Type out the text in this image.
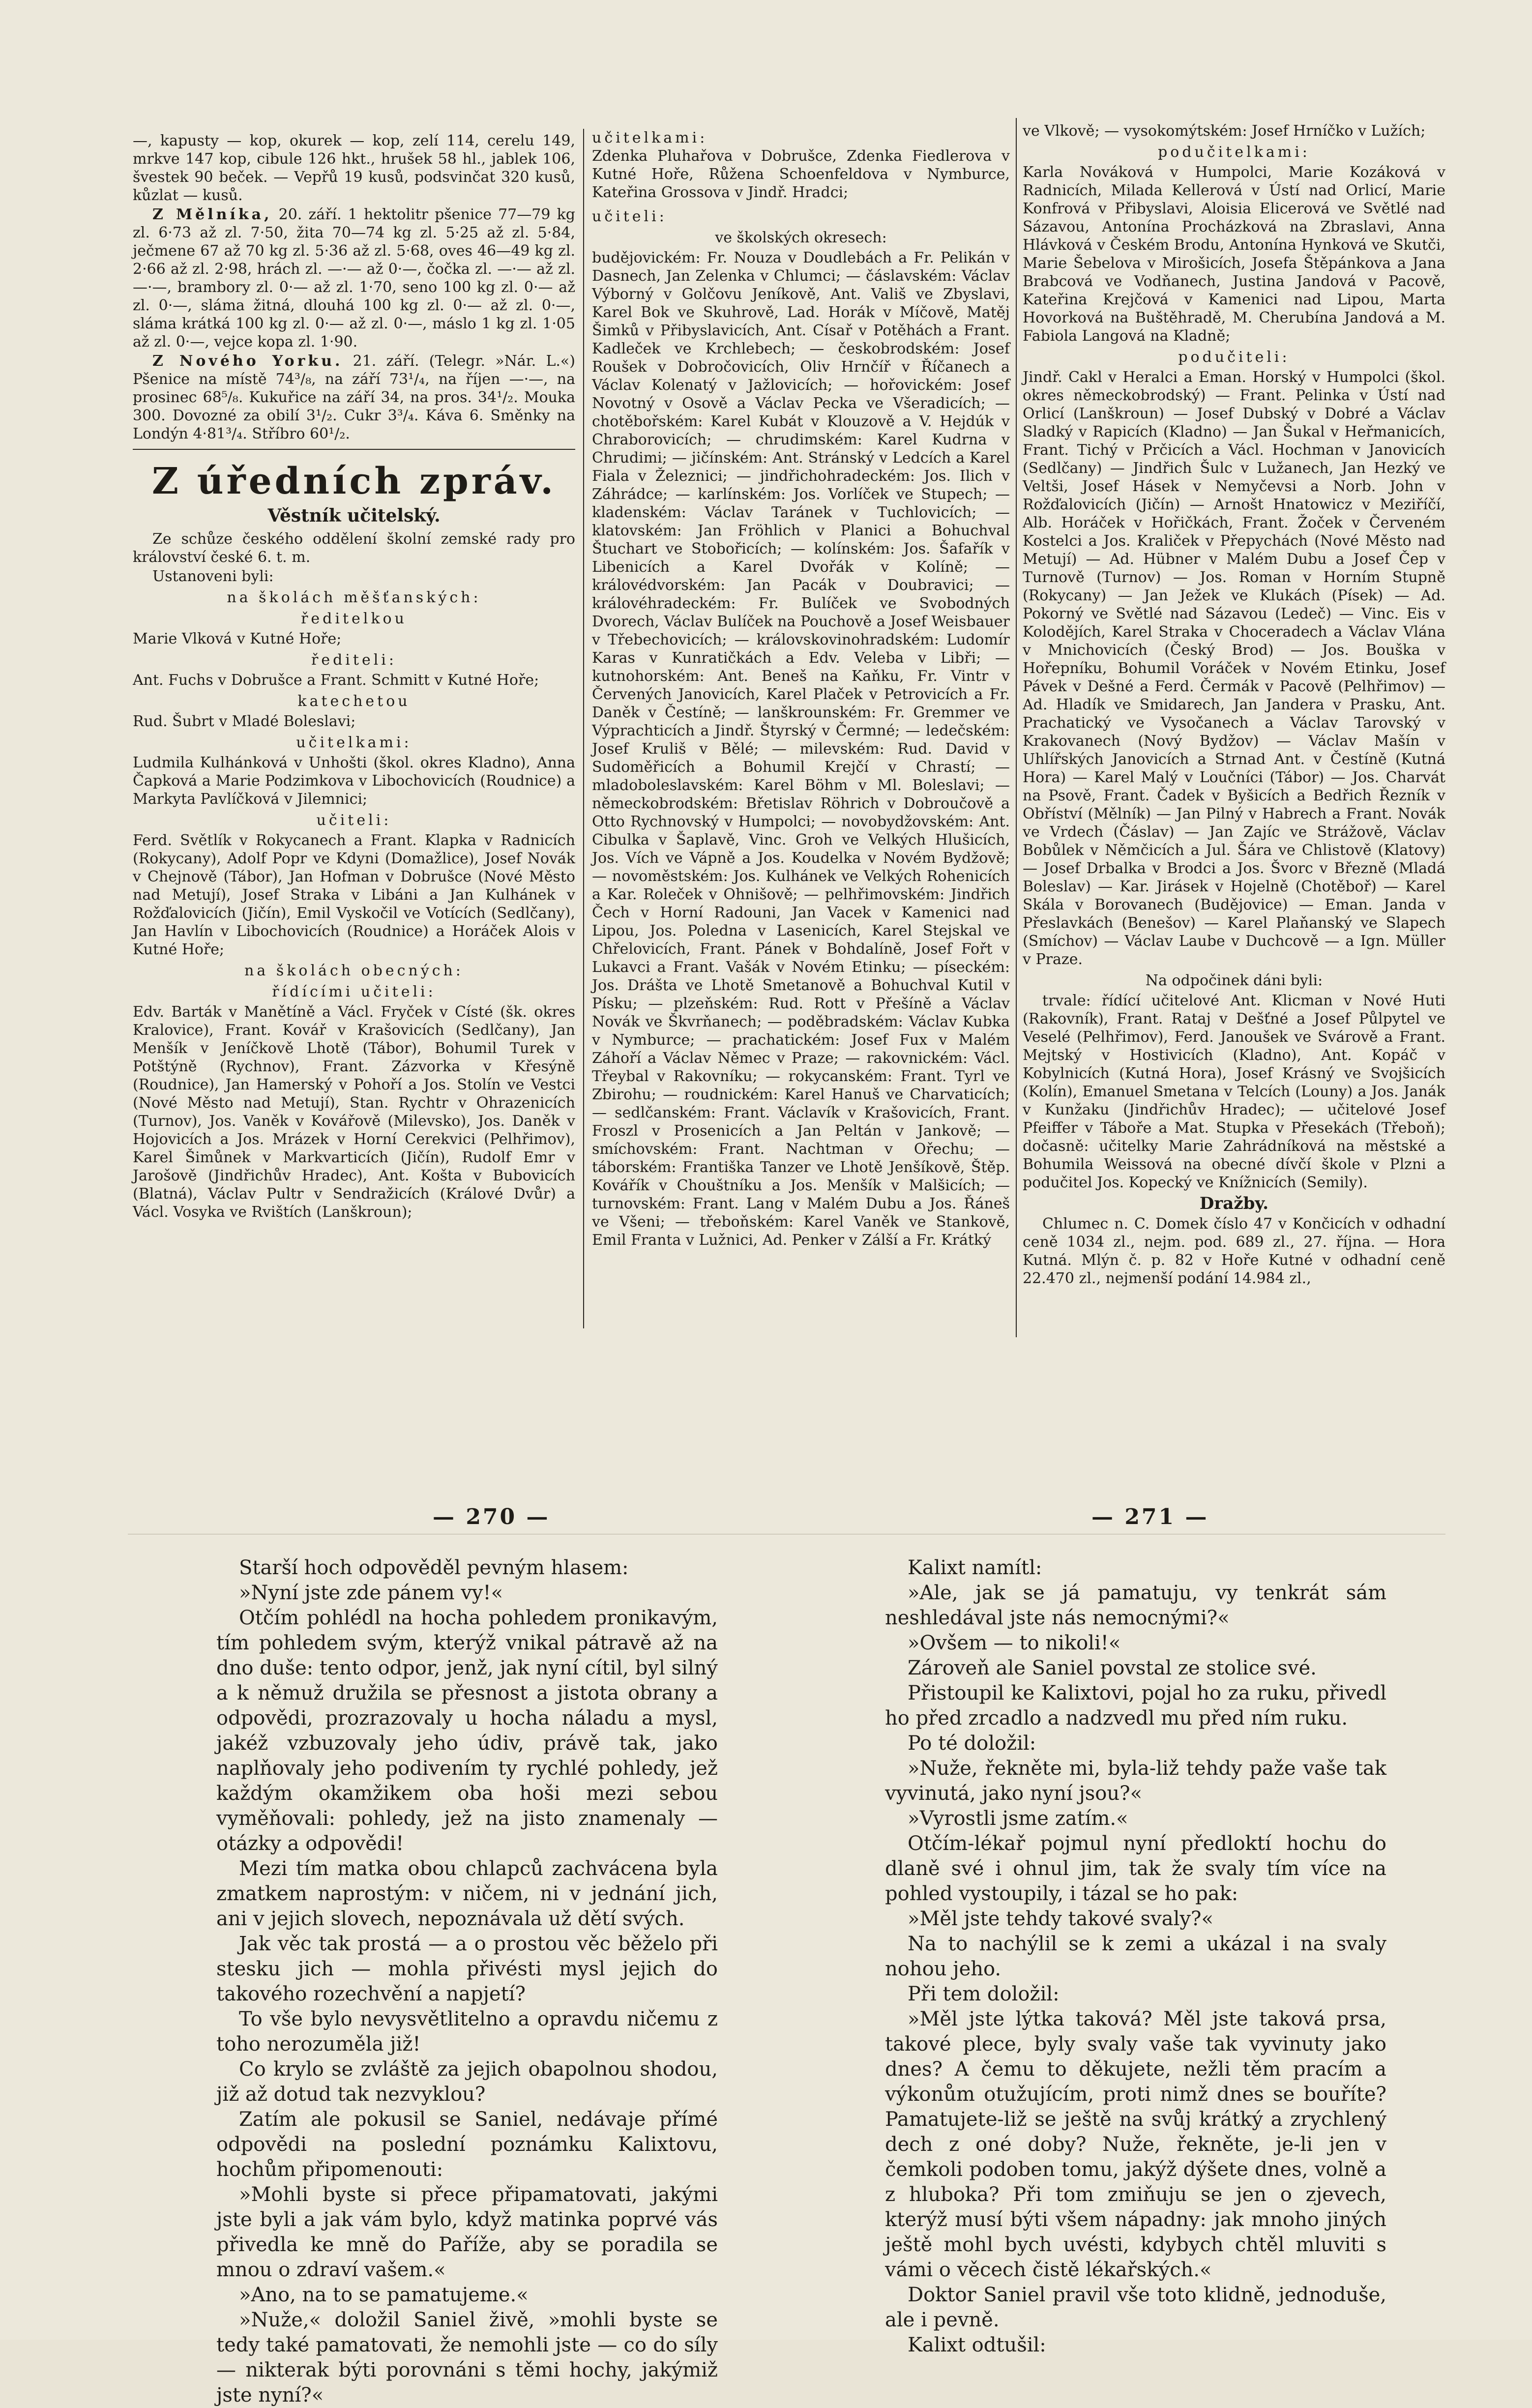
—, kapusty — kop, okurek — kop, zelí 114, cerelu 149, mrkve 147 kop, cibule 126 hkt., hrušek 58 hl., jablek 106, švestek 90 beček. — Vepřů 19 kusů, podsvinčat 320 kusů, kůzlat — kusů.

Z Mělníka, 20. září. 1 hektolitr pšenice 77—79 kg zl. 6·73 až zl. 7·50, žita 70—74 kg zl. 5·25 až zl. 5·84, ječmene 67 až 70 kg zl. 5·36 až zl. 5·68, oves 46—49 kg zl. 2·66 až zl. 2·98, hrách zl. —·— až 0·—, čočka zl. —·— až zl. —·—, brambory zl. 0·— až zl. 1·70, seno 100 kg zl. 0·— až zl. 0·—, sláma žitná, dlouhá 100 kg zl. 0·— až zl. 0·—, sláma krátká 100 kg zl. 0·— až zl. 0·—, máslo 1 kg zl. 1·05 až zl. 0·—, vejce kopa zl. 1·90.

Z Nového Yorku. 21. září. (Telegr. »Nár. L.«) Pšenice na místě 74³/₈, na září 73¹/₄, na říjen —·—, na prosinec 68⁵/₈. Kukuřice na září 34, na pros. 34¹/₂. Mouka 300. Dovozné za obilí 3¹/₂. Cukr 3³/₄. Káva 6. Směnky na Londýn 4·81³/₄. Stříbro 60¹/₂.

Z úředních zpráv.
Věstník učitelský.

Ze schůze českého oddělení školní zemské rady pro království české 6. t. m.

Ustanoveni byli:

na školách měšťanských:
ředitelkou

Marie Vlková v Kutné Hoře;

řediteli:

Ant. Fuchs v Dobrušce a Frant. Schmitt v Kutné Hoře;

katechetou

Rud. Šubrt v Mladé Boleslavi;

učitelkami:

Ludmila Kulhánková v Unhošti (škol. okres Kladno), Anna Čapková a Marie Podzimkova v Libochovicích (Roudnice) a Markyta Pavlíčková v Jilemnici;

učiteli:

Ferd. Světlík v Rokycanech a Frant. Klapka v Radnicích (Rokycany), Adolf Popr ve Kdyni (Domažlice), Josef Novák v Chejnově (Tábor), Jan Hofman v Dobrušce (Nové Město nad Metují), Josef Straka v Libáni a Jan Kulhánek v Rožďalovicích (Jičín), Emil Vyskočil ve Votících (Sedlčany), Jan Havlín v Libochovicích (Roudnice) a Horáček Alois v Kutné Hoře;

na školách obecných:
řídícími učiteli:

Edv. Barták v Manětíně a Václ. Fryček v Císté (šk. okres Kralovice), Frant. Kovář v Krašovicích (Sedlčany), Jan Menšík v Jeníčkově Lhotě (Tábor), Bohumil Turek v Potštýně (Rychnov), Frant. Zázvorka v Křesýně (Roudnice), Jan Hamerský v Pohoří a Jos. Stolín ve Vestci (Nové Město nad Metují), Stan. Rychtr v Ohrazenicích (Turnov), Jos. Vaněk v Kovářově (Milevsko), Jos. Daněk v Hojovicích a Jos. Mrázek v Horní Cerekvici (Pelhřimov), Karel Šimůnek v Markvarticích (Jičín), Rudolf Emr v Jarošově (Jindřichův Hradec), Ant. Košta v Bubovicích (Blatná), Václav Pultr v Sendražicích (Králové Dvůr) a Václ. Vosyka ve Rvištích (Lanškroun);

učitelkami:

Zdenka Pluhařova v Dobrušce, Zdenka Fiedlerova v Kutné Hoře, Růžena Schoenfeldova v Nymburce, Kateřina Grossova v Jindř. Hradci;

učiteli:
ve školských okresech:

budějovickém: Fr. Nouza v Doudlebách a Fr. Pelikán v Dasnech, Jan Zelenka v Chlumci; — čáslavském: Václav Výborný v Golčovu Jeníkově, Ant. Vališ ve Zbyslavi, Karel Bok ve Skuhrově, Lad. Horák v Míčově, Matěj Šimků v Přibyslavicích, Ant. Císař v Potěhách a Frant. Kadleček ve Krchlebech; — českobrodském: Josef Roušek v Dobročovicích, Oliv Hrnčíř v Říčanech a Václav Kolenatý v Jažlovicích; — hořovickém: Josef Novotný v Osově a Václav Pecka ve Všeradicích; — chotěbořském: Karel Kubát v Klouzově a V. Hejdúk v Chraborovicích; — chrudimském: Karel Kudrna v Chrudimi; — jičínském: Ant. Stránský v Ledcích a Karel Fiala v Železnici; — jindřichohradeckém: Jos. Ilich v Záhrádce; — karlínském: Jos. Vorlíček ve Stupech; — kladenském: Václav Taránek v Tuchlovicích; — klatovském: Jan Fröhlich v Planici a Bohuchval Štuchart ve Stobořicích; — kolínském: Jos. Šafařík v Libenicích a Karel Dvořák v Kolíně; — královédvorském: Jan Pacák v Doubravici; — královéhradeckém: Fr. Bulíček ve Svobodných Dvorech, Václav Bulíček na Pouchově a Josef Weisbauer v Třebechovicích; — královskovinohradském: Ludomír Karas v Kunratičkách a Edv. Veleba v Libři; — kutnohorském: Ant. Beneš na Kaňku, Fr. Vintr v Červených Janovicích, Karel Plaček v Petrovicích a Fr. Daněk v Čestíně; — lanškrounském: Fr. Gremmer ve Výprachticích a Jindř. Štyrský v Čermné; — ledečském: Josef Kruliš v Bělé; — milevském: Rud. David v Sudoměřicích a Bohumil Krejčí v Chrastí; — mladoboleslavském: Karel Böhm v Ml. Boleslavi; — německobrodském: Břetislav Röhrich v Dobroučově a Otto Rychnovský v Humpolci; — novobydžovském: Ant. Cibulka v Šaplavě, Vinc. Groh ve Velkých Hlušicích, Jos. Vích ve Vápně a Jos. Koudelka v Novém Bydžově; — novoměstském: Jos. Kulhánek ve Velkých Rohenicích a Kar. Roleček v Ohnišově; — pelhřimovském: Jindřich Čech v Horní Radouni, Jan Vacek v Kamenici nad Lipou, Jos. Poledna v Lasenicích, Karel Stejskal ve Chřelovicích, Frant. Pánek v Bohdalíně, Josef Fořt v Lukavci a Frant. Vašák v Novém Etinku; — píseckém: Jos. Drášta ve Lhotě Smetanově a Bohuchval Kutil v Písku; — plzeňském: Rud. Rott v Přešíně a Václav Novák ve Škvrňanech; — poděbradském: Václav Kubka v Nymburce; — prachatickém: Josef Fux v Malém Záhoří a Václav Němec v Praze; — rakovnickém: Václ. Třeybal v Rakovníku; — rokycanském: Frant. Tyrl ve Zbirohu; — roudnickém: Karel Hanuš ve Charvaticích; — sedlčanském: Frant. Václavík v Krašovicích, Frant. Froszl v Prosenicích a Jan Peltán v Jankově; — smíchovském: Frant. Nachtman v Ořechu; — táborském: Františka Tanzer ve Lhotě Jenšíkově, Štěp. Kovářík v Chouštníku a Jos. Menšík v Malšicích; — turnovském: Frant. Lang v Malém Dubu a Jos. Řáneš ve Všeni; — třeboňském: Karel Vaněk ve Stankově, Emil Franta v Lužnici, Ad. Penker v Zálší a Fr. Krátký

ve Vlkově; — vysokomýtském: Josef Hrníčko v Lužích;

podučitelkami:

Karla Nováková v Humpolci, Marie Kozáková v Radnicích, Milada Kellerová v Ústí nad Orlicí, Marie Konfrová v Přibyslavi, Aloisia Elicerová ve Světlé nad Sázavou, Antonína Procházková na Zbraslavi, Anna Hlávková v Českém Brodu, Antonína Hynková ve Skutči, Marie Šebelova v Mirošicích, Josefa Štěpánkova a Jana Brabcová ve Vodňanech, Justina Jandová v Pacově, Kateřina Krejčová v Kamenici nad Lipou, Marta Hovorková na Buštěhradě, M. Cherubína Jandová a M. Fabiola Langová na Kladně;

podučiteli:

Jindř. Cakl v Heralci a Eman. Horský v Humpolci (škol. okres německobrodský) — Frant. Pelinka v Ústí nad Orlicí (Lanškroun) — Josef Dubský v Dobré a Václav Sladký v Rapicích (Kladno) — Jan Šukal v Heřmanicích, Frant. Tichý v Prčicích a Václ. Hochman v Janovicích (Sedlčany) — Jindřich Šulc v Lužanech, Jan Hezký ve Veltši, Josef Hásek v Nemyčevsi a Norb. John v Rožďalovicích (Jičín) — Arnošt Hnatowicz v Meziříčí, Alb. Horáček v Hořičkách, Frant. Žoček v Červeném Kostelci a Jos. Kraliček v Přepychách (Nové Město nad Metují) — Ad. Hübner v Malém Dubu a Josef Čep v Turnově (Turnov) — Jos. Roman v Horním Stupně (Rokycany) — Jan Ježek ve Klukách (Písek) — Ad. Pokorný ve Světlé nad Sázavou (Ledeč) — Vinc. Eis v Kolodějích, Karel Straka v Choceradech a Václav Vlána v Mnichovicích (Český Brod) — Jos. Bouška v Hořepníku, Bohumil Voráček v Novém Etinku, Josef Pávek v Dešné a Ferd. Čermák v Pacově (Pelhřimov) — Ad. Hladík ve Smidarech, Jan Jandera v Prasku, Ant. Prachatický ve Vysočanech a Václav Tarovský v Krakovanech (Nový Bydžov) — Václav Mašín v Uhlířských Janovicích a Strnad Ant. v Čestíně (Kutná Hora) — Karel Malý v Loučníci (Tábor) — Jos. Charvát na Psově, Frant. Čadek v Byšicích a Bedřich Řezník v Obříství (Mělník) — Jan Pilný v Habrech a Frant. Novák ve Vrdech (Čáslav) — Jan Zajíc ve Strážově, Václav Bobůlek v Němčicích a Jul. Šára ve Chlistově (Klatovy) — Josef Drbalka v Brodci a Jos. Švorc v Březně (Mladá Boleslav) — Kar. Jirásek v Hojelně (Chotěboř) — Karel Skála v Borovanech (Budějovice) — Eman. Janda v Přeslavkách (Benešov) — Karel Plaňanský ve Slapech (Smíchov) — Václav Laube v Duchcově — a Ign. Müller v Praze.

Na odpočinek dáni byli:

trvale: řídící učitelové Ant. Klicman v Nové Huti (Rakovník), Frant. Rataj v Dešťné a Josef Půlpytel ve Veselé (Pelhřimov), Ferd. Janoušek ve Svárově a Frant. Mejtský v Hostivicích (Kladno), Ant. Kopáč v Kobylnicích (Kutná Hora), Josef Krásný ve Svojšicích (Kolín), Emanuel Smetana v Telcích (Louny) a Jos. Janák v Kunžaku (Jindřichův Hradec); — učitelové Josef Pfeiffer v Táboře a Mat. Stupka v Přesekách (Třeboň); dočasně: učitelky Marie Zahrádníková na městské a Bohumila Weissová na obecné dívčí škole v Plzni a podučitel Jos. Kopecký ve Knížnicích (Semily).

Dražby.

Chlumec n. C. Domek číslo 47 v Končicích v odhadní ceně 1034 zl., nejm. pod. 689 zl., 27. října. — Hora Kutná. Mlýn č. p. 82 v Hoře Kutné v odhadní ceně 22.470 zl., nejmenší podání 14.984 zl.,

— 270 —	— 271 —

Starší hoch odpověděl pevným hlasem:

»Nyní jste zde pánem vy!«

Otčím pohlédl na hocha pohledem pronikavým, tím pohledem svým, kterýž vnikal pátravě až na dno duše: tento odpor, jenž, jak nyní cítil, byl silný a k němuž družila se přesnost a jistota obrany a odpovědi, prozrazovaly u hocha náladu a mysl, jakéž vzbuzovaly jeho údiv, právě tak, jako naplňovaly jeho podivením ty rychlé pohledy, jež každým okamžikem oba hoši mezi sebou vyměňovali: pohledy, jež na jisto znamenaly — otázky a odpovědi!

Mezi tím matka obou chlapců zachvácena byla zmatkem naprostým: v ničem, ni v jednání jich, ani v jejich slovech, nepoznávala už dětí svých.

Jak věc tak prostá — a o prostou věc běželo při stesku jich — mohla přivésti mysl jejich do takového rozechvění a napjetí?

To vše bylo nevysvětlitelno a opravdu ničemu z toho nerozuměla již!

Co krylo se zvláště za jejich obapolnou shodou, již až dotud tak nezvyklou?

Zatím ale pokusil se Saniel, nedávaje přímé odpovědi na poslední poznámku Kalixtovu, hochům připomenouti:

»Mohli byste si přece připamatovati, jakými jste byli a jak vám bylo, když matinka poprvé vás přivedla ke mně do Paříže, aby se poradila se mnou o zdraví vašem.«

»Ano, na to se pamatujeme.«

»Nuže,« doložil Saniel živě, »mohli byste se tedy také pamatovati, že nemohli jste — co do síly — nikterak býti porovnáni s těmi hochy, jakýmiž jste nyní?«

Kalixt namítl:

»Ale, jak se já pamatuju, vy tenkrát sám neshledával jste nás nemocnými?«

»Ovšem — to nikoli!«

Zároveň ale Saniel povstal ze stolice své.

Přistoupil ke Kalixtovi, pojal ho za ruku, přivedl ho před zrcadlo a nadzvedl mu před ním ruku.

Po té doložil:

»Nuže, řekněte mi, byla-liž tehdy paže vaše tak vyvinutá, jako nyní jsou?«

»Vyrostli jsme zatím.«

Otčím-lékař pojmul nyní předloktí hochu do dlaně své i ohnul jim, tak že svaly tím více na pohled vystoupily, i tázal se ho pak:

»Měl jste tehdy takové svaly?«

Na to nachýlil se k zemi a ukázal i na svaly nohou jeho.

Při tem doložil:

»Měl jste lýtka taková? Měl jste taková prsa, takové plece, byly svaly vaše tak vyvinuty jako dnes? A čemu to děkujete, nežli těm pracím a výkonům otužujícím, proti nimž dnes se bouříte? Pamatujete-liž se ještě na svůj krátký a zrychlený dech z oné doby? Nuže, řekněte, je-li jen v čemkoli podoben tomu, jakýž dýšete dnes, volně a z hluboka? Při tom zmiňuju se jen o zjevech, kterýž musí býti všem nápadny: jak mnoho jiných ještě mohl bych uvésti, kdybych chtěl mluviti s vámi o věcech čistě lékařských.«

Doktor Saniel pravil vše toto klidně, jednoduše, ale i pevně.

Kalixt odtušil:
